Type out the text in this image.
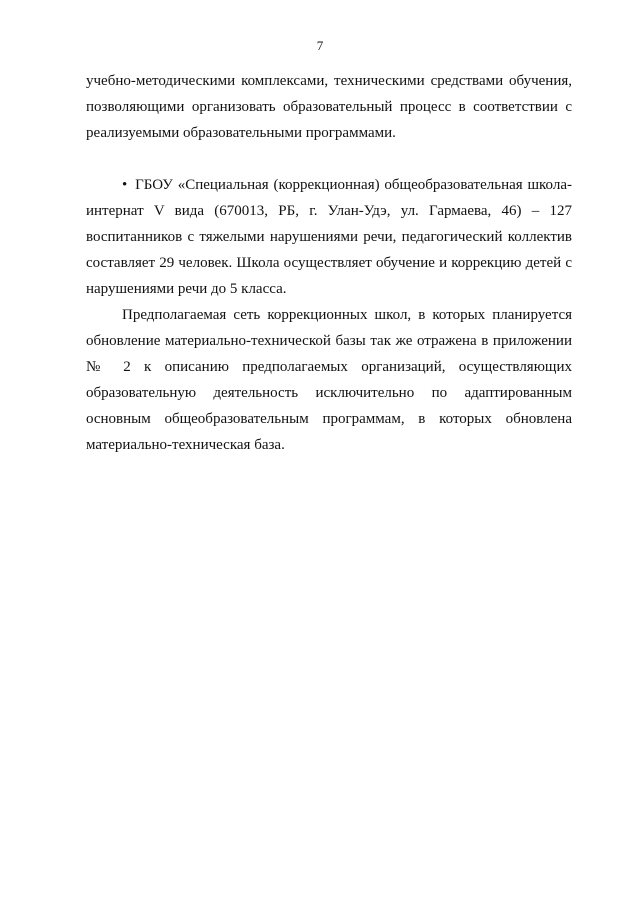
7

учебно-методическими комплексами, техническими средствами обучения, позволяющими организовать образовательный процесс в соответствии с реализуемыми образовательными программами.

• ГБОУ «Специальная (коррекционная) общеобразовательная школа-интернат V вида (670013, РБ, г. Улан-Удэ, ул. Гармаева, 46) – 127 воспитанников с тяжелыми нарушениями речи, педагогический коллектив составляет 29 человек. Школа осуществляет обучение и коррекцию детей с нарушениями речи до 5 класса.

Предполагаемая сеть коррекционных школ, в которых планируется обновление материально-технической базы так же отражена в приложении № 2 к описанию предполагаемых организаций, осуществляющих образовательную деятельность исключительно по адаптированным основным общеобразовательным программам, в которых обновлена материально-техническая база.
